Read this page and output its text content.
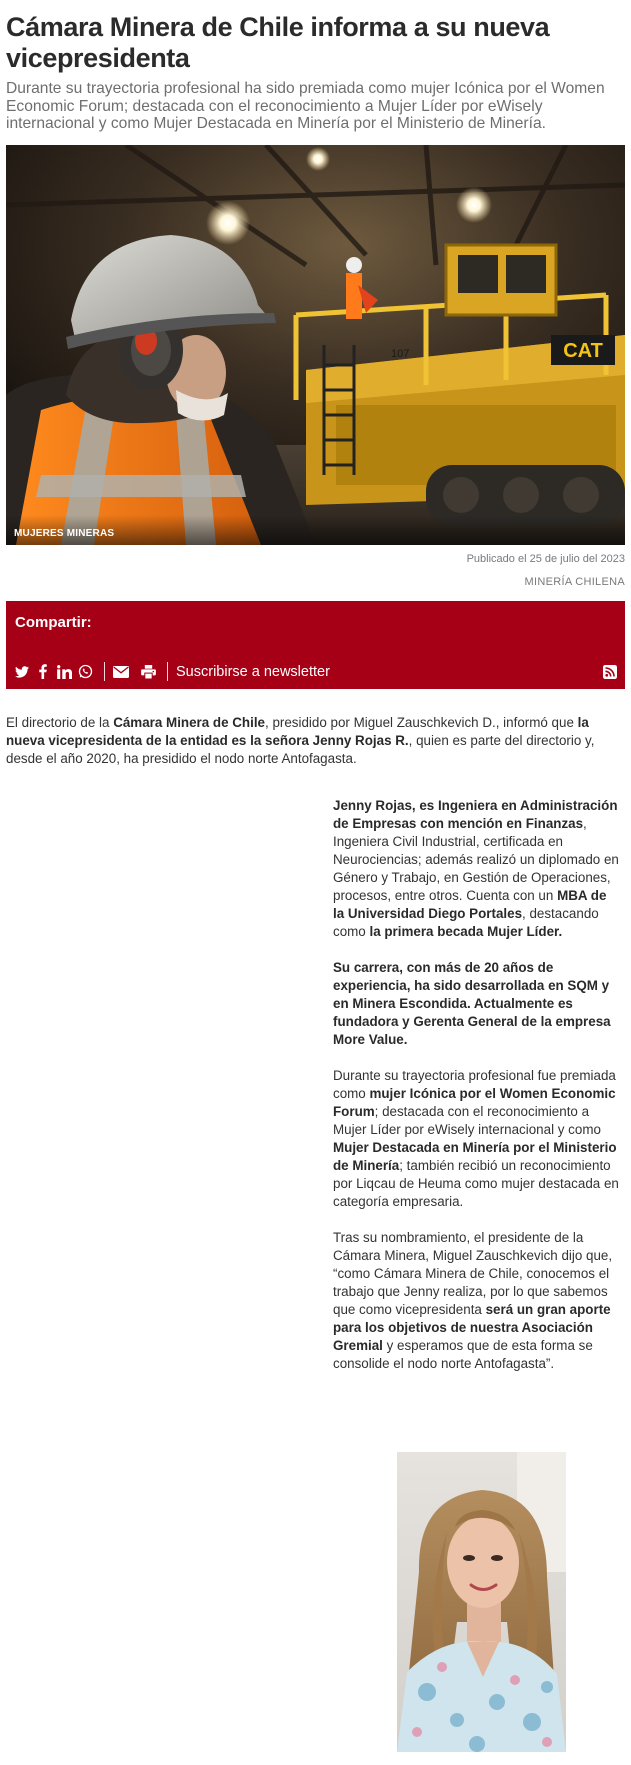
Cámara Minera de Chile informa a su nueva vicepresidenta

Durante su trayectoria profesional ha sido premiada como mujer Icónica por el Women Economic Forum; destacada con el reconocimiento a Mujer Líder por eWisely internacional y como Mujer Destacada en Minería por el Ministerio de Minería.

CAT
107
MUJERES MINERAS
Publicado el 25 de julio del 2023
MINERÍA CHILENA
Compartir:
Suscribirse a newsletter

El directorio de la Cámara Minera de Chile, presidido por Miguel Zauschkevich D., informó que la nueva vicepresidenta de la entidad es la señora Jenny Rojas R., quien es parte del directorio y, desde el año 2020, ha presidido el nodo norte Antofagasta.

Jenny Rojas, es Ingeniera en Administración de Empresas con mención en Finanzas, Ingeniera Civil Industrial, certificada en Neurociencias; además realizó un diplomado en Género y Trabajo, en Gestión de Operaciones, procesos, entre otros. Cuenta con un MBA de la Universidad Diego Portales, destacando como la primera becada Mujer Líder.

Su carrera, con más de 20 años de experiencia, ha sido desarrollada en SQM y en Minera Escondida. Actualmente es fundadora y Gerenta General de la empresa More Value.

Durante su trayectoria profesional fue premiada como mujer Icónica por el Women Economic Forum; destacada con el reconocimiento a Mujer Líder por eWisely internacional y como Mujer Destacada en Minería por el Ministerio de Minería; también recibió un reconocimiento por Liqcau de Heuma como mujer destacada en categoría empresaria.

Tras su nombramiento, el presidente de la Cámara Minera, Miguel Zauschkevich dijo que, “como Cámara Minera de Chile, conocemos el trabajo que Jenny realiza, por lo que sabemos que como vicepresidenta será un gran aporte para los objetivos de nuestra Asociación Gremial y esperamos que de esta forma se consolide el nodo norte Antofagasta”.
